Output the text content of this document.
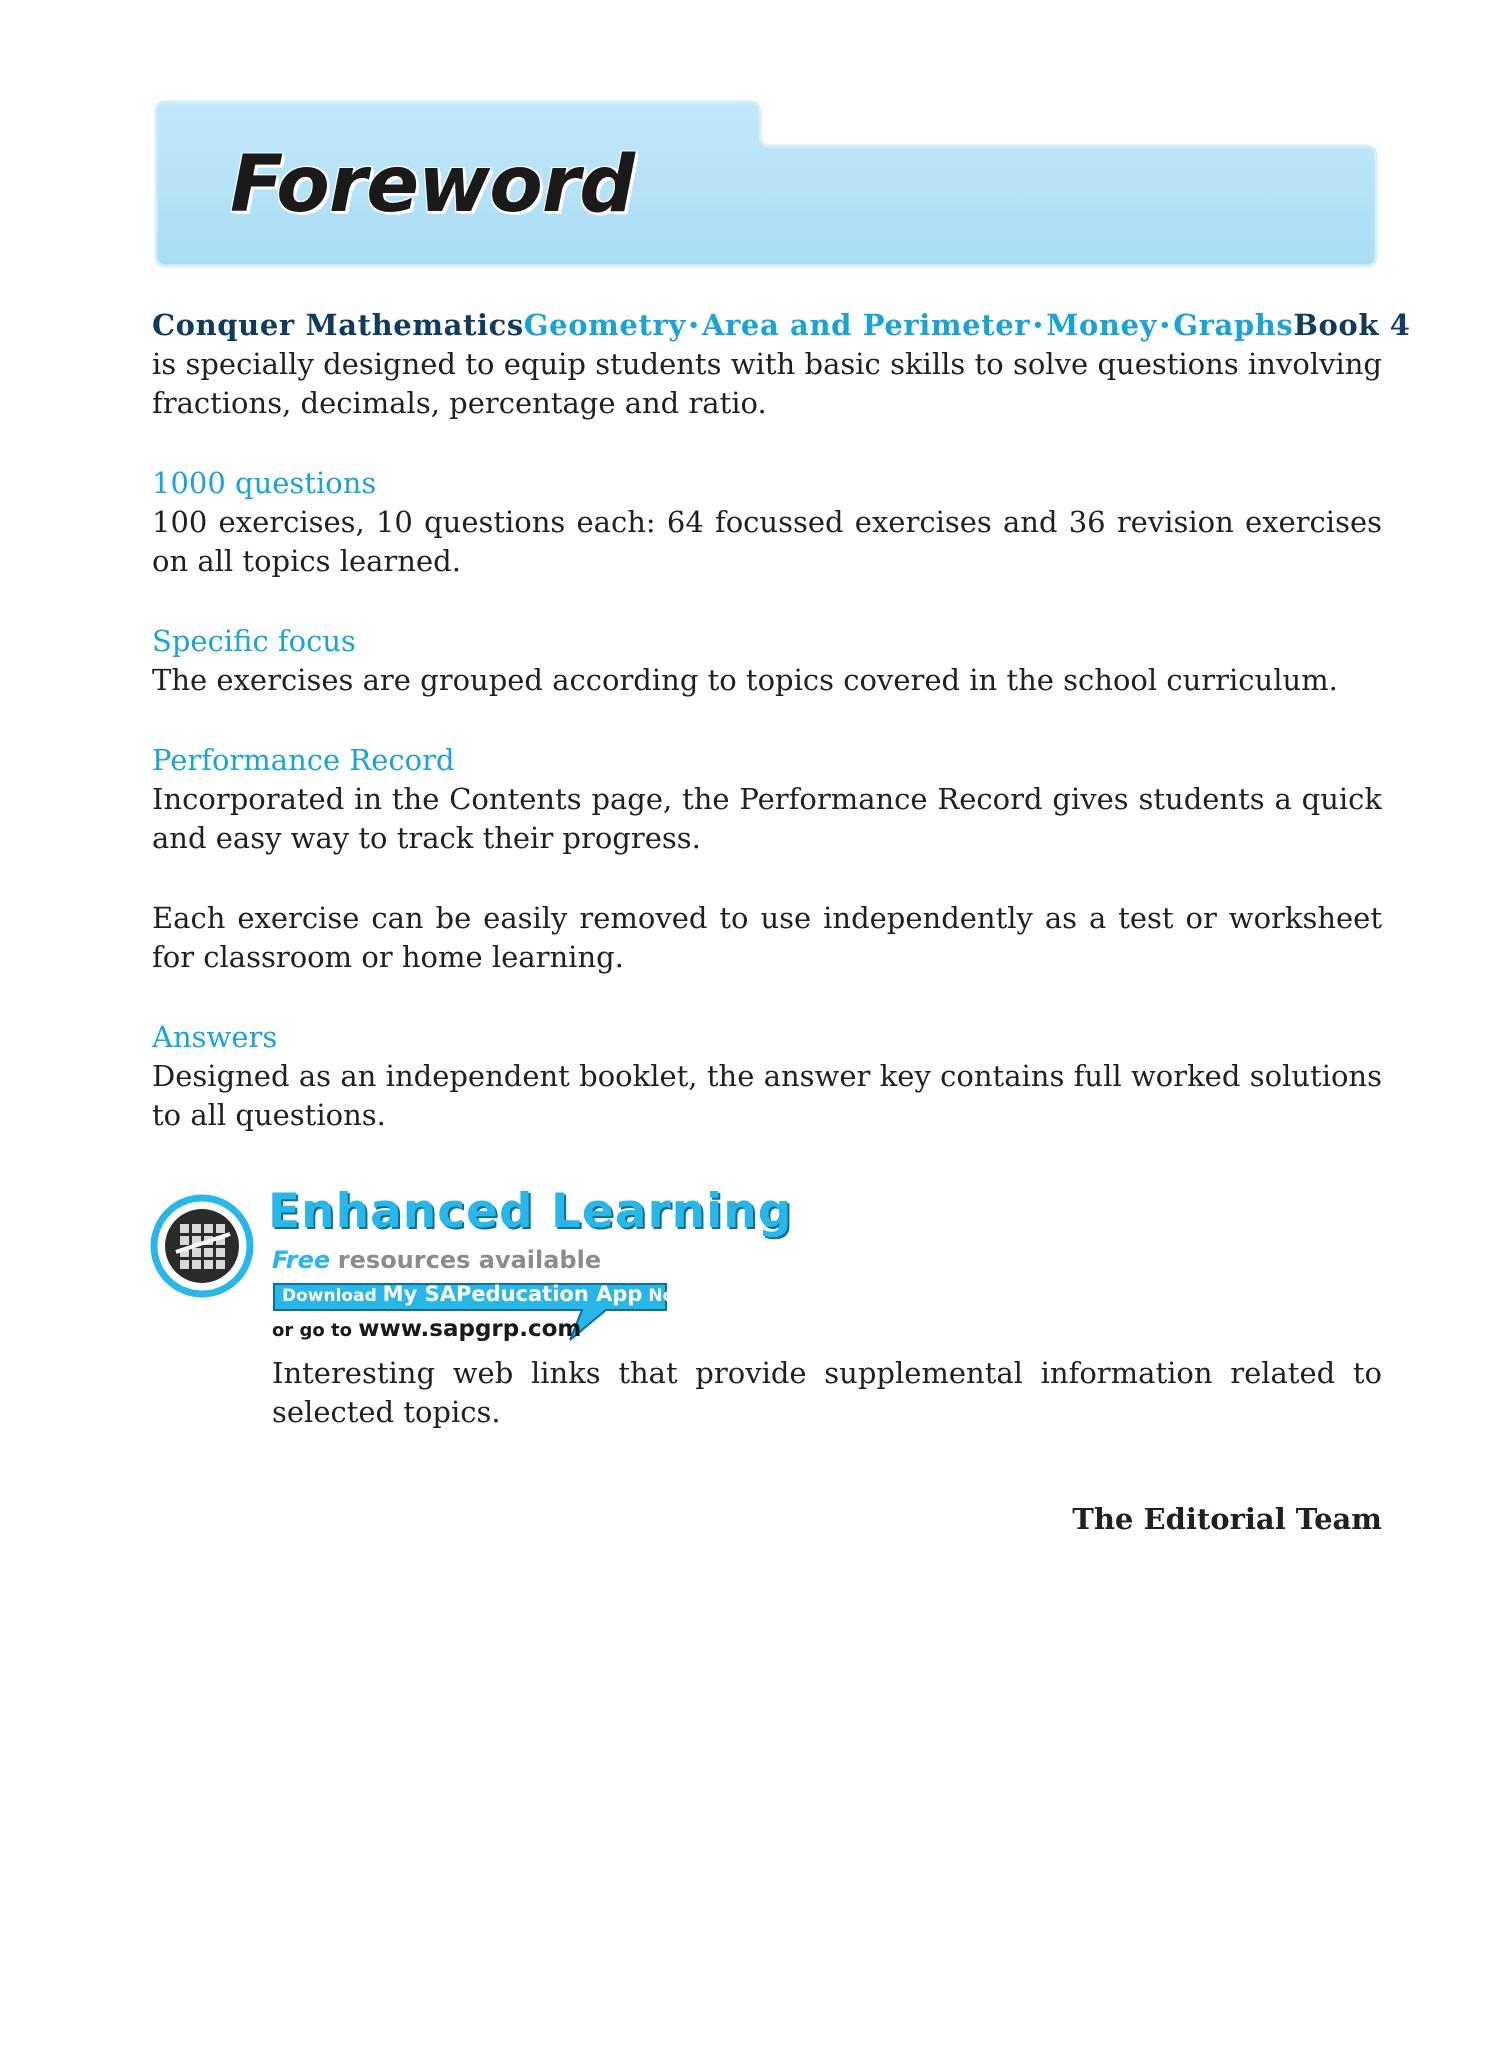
Foreword
Conquer Mathematics Geometry • Area and Perimeter • Money • Graphs Book 4

is specially designed to equip students with basic skills to solve questions involving fractions, decimals, percentage and ratio.

1000 questions

100 exercises, 10 questions each: 64 focussed exercises and 36 revision exercises on all topics learned.

Specific focus

The exercises are grouped according to topics covered in the school curriculum.

Performance Record

Incorporated in the Contents page, the Performance Record gives students a quick and easy way to track their progress.

Each exercise can be easily removed to use independently as a test or worksheet for classroom or home learning.

Answers

Designed as an independent booklet, the answer key contains full worked solutions to all questions.

Enhanced Learning
Free resources available
Download My SAPeducation App Now!
or go to www.sapgrp.com

Interesting web links that provide supplemental information related to selected topics.

The Editorial Team
